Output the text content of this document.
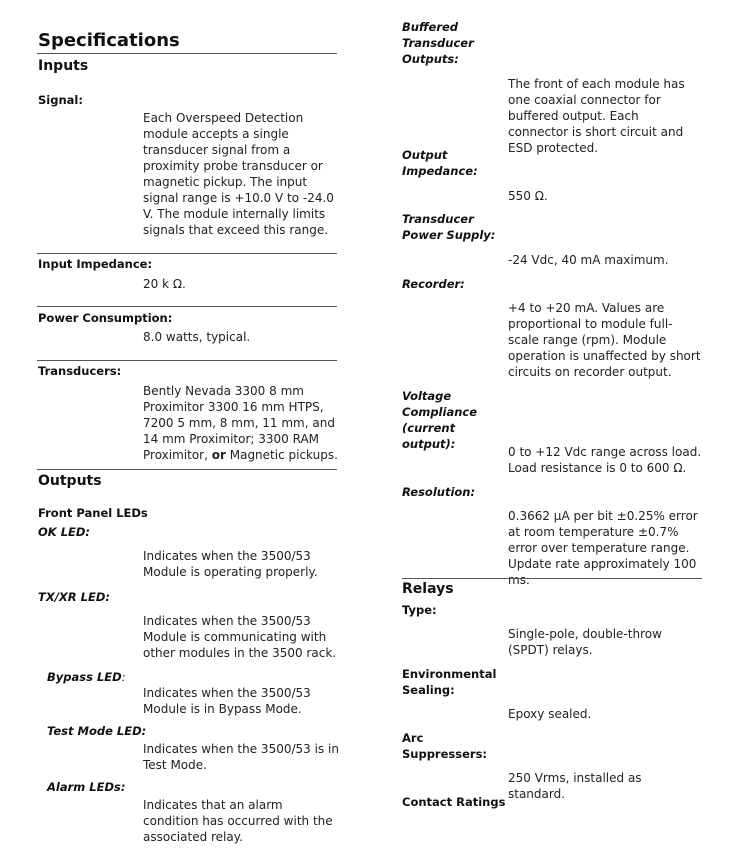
Specifications
Inputs
Signal:
Each Overspeed Detection module accepts a single transducer signal from a proximity probe transducer or magnetic pickup. The input signal range is +10.0 V to -24.0 V. The module internally limits signals that exceed this range.
Input Impedance:
20 k Ω.
Power Consumption:
8.0 watts, typical.
Transducers:
Bently Nevada 3300 8 mm Proximitor 3300 16 mm HTPS, 7200 5 mm, 8 mm, 11 mm, and 14 mm Proximitor; 3300 RAM Proximitor, or Magnetic pickups.
Outputs
Front Panel LEDs
OK LED:
Indicates when the 3500/53 Module is operating properly.
TX/XR LED:
Indicates when the 3500/53 Module is communicating with other modules in the 3500 rack.
Bypass LED:
Indicates when the 3500/53 Module is in Bypass Mode.
Test Mode LED:
Indicates when the 3500/53 is in Test Mode.
Alarm LEDs:
Indicates that an alarm condition has occurred with the associated relay.
Buffered Transducer Outputs:
The front of each module has one coaxial connector for buffered output. Each connector is short circuit and ESD protected.
Output Impedance:
550 Ω.
Transducer Power Supply:
-24 Vdc, 40 mA maximum.
Recorder:
+4 to +20 mA. Values are proportional to module full-scale range (rpm). Module operation is unaffected by short circuits on recorder output.
Voltage Compliance (current output):
0 to +12 Vdc range across load. Load resistance is 0 to 600 Ω.
Resolution:
0.3662 µA per bit ±0.25% error at room temperature ±0.7% error over temperature range. Update rate approximately 100 ms.
Relays
Type:
Single-pole, double-throw (SPDT) relays.
Environmental Sealing:
Epoxy sealed.
Arc Suppressers:
250 Vrms, installed as standard.
Contact Ratings
